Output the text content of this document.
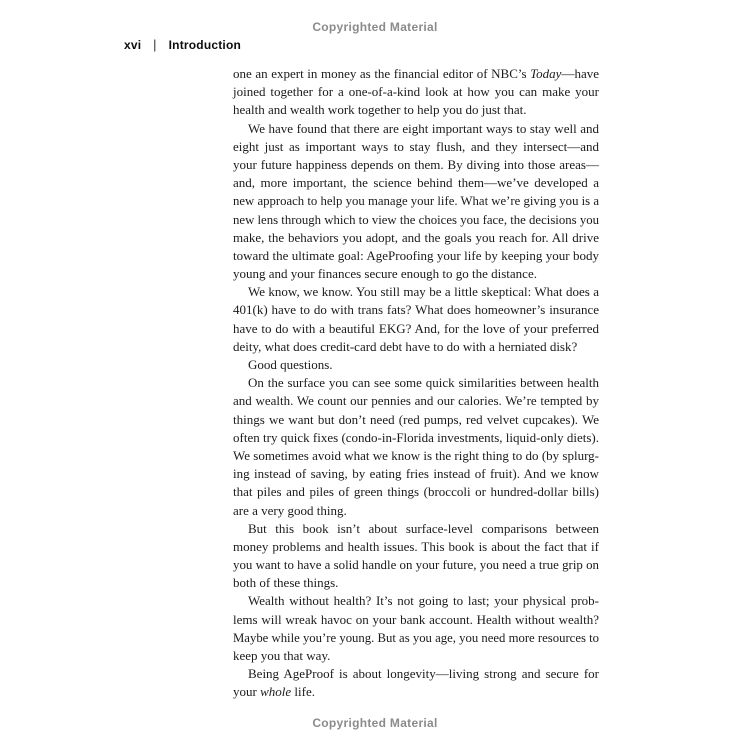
Copyrighted Material
xvi | Introduction
one an expert in money as the financial editor of NBC’s Today—have
joined together for a one-of-a-kind look at how you can make your
health and wealth work together to help you do just that.
We have found that there are eight important ways to stay well and
eight just as important ways to stay flush, and they intersect—and
your future happiness depends on them. By diving into those areas—
and, more important, the science behind them—we’ve developed a
new approach to help you manage your life. What we’re giving you is a
new lens through which to view the choices you face, the decisions you
make, the behaviors you adopt, and the goals you reach for. All drive
toward the ultimate goal: AgeProofing your life by keeping your body
young and your finances secure enough to go the distance.
We know, we know. You still may be a little skeptical: What does a
401(k) have to do with trans fats? What does homeowner’s insurance
have to do with a beautiful EKG? And, for the love of your preferred
deity, what does credit-card debt have to do with a herniated disk?
Good questions.
On the surface you can see some quick similarities between health
and wealth. We count our pennies and our calories. We’re tempted by
things we want but don’t need (red pumps, red velvet cupcakes). We
often try quick fixes (condo-in-Florida investments, liquid-only diets).
We sometimes avoid what we know is the right thing to do (by splurg-
ing instead of saving, by eating fries instead of fruit). And we know
that piles and piles of green things (broccoli or hundred-dollar bills)
are a very good thing.
But this book isn’t about surface-level comparisons between
money problems and health issues. This book is about the fact that if
you want to have a solid handle on your future, you need a true grip on
both of these things.
Wealth without health? It’s not going to last; your physical prob-
lems will wreak havoc on your bank account. Health without wealth?
Maybe while you’re young. But as you age, you need more resources to
keep you that way.
Being AgeProof is about longevity—living strong and secure for
your whole life.
Copyrighted Material
